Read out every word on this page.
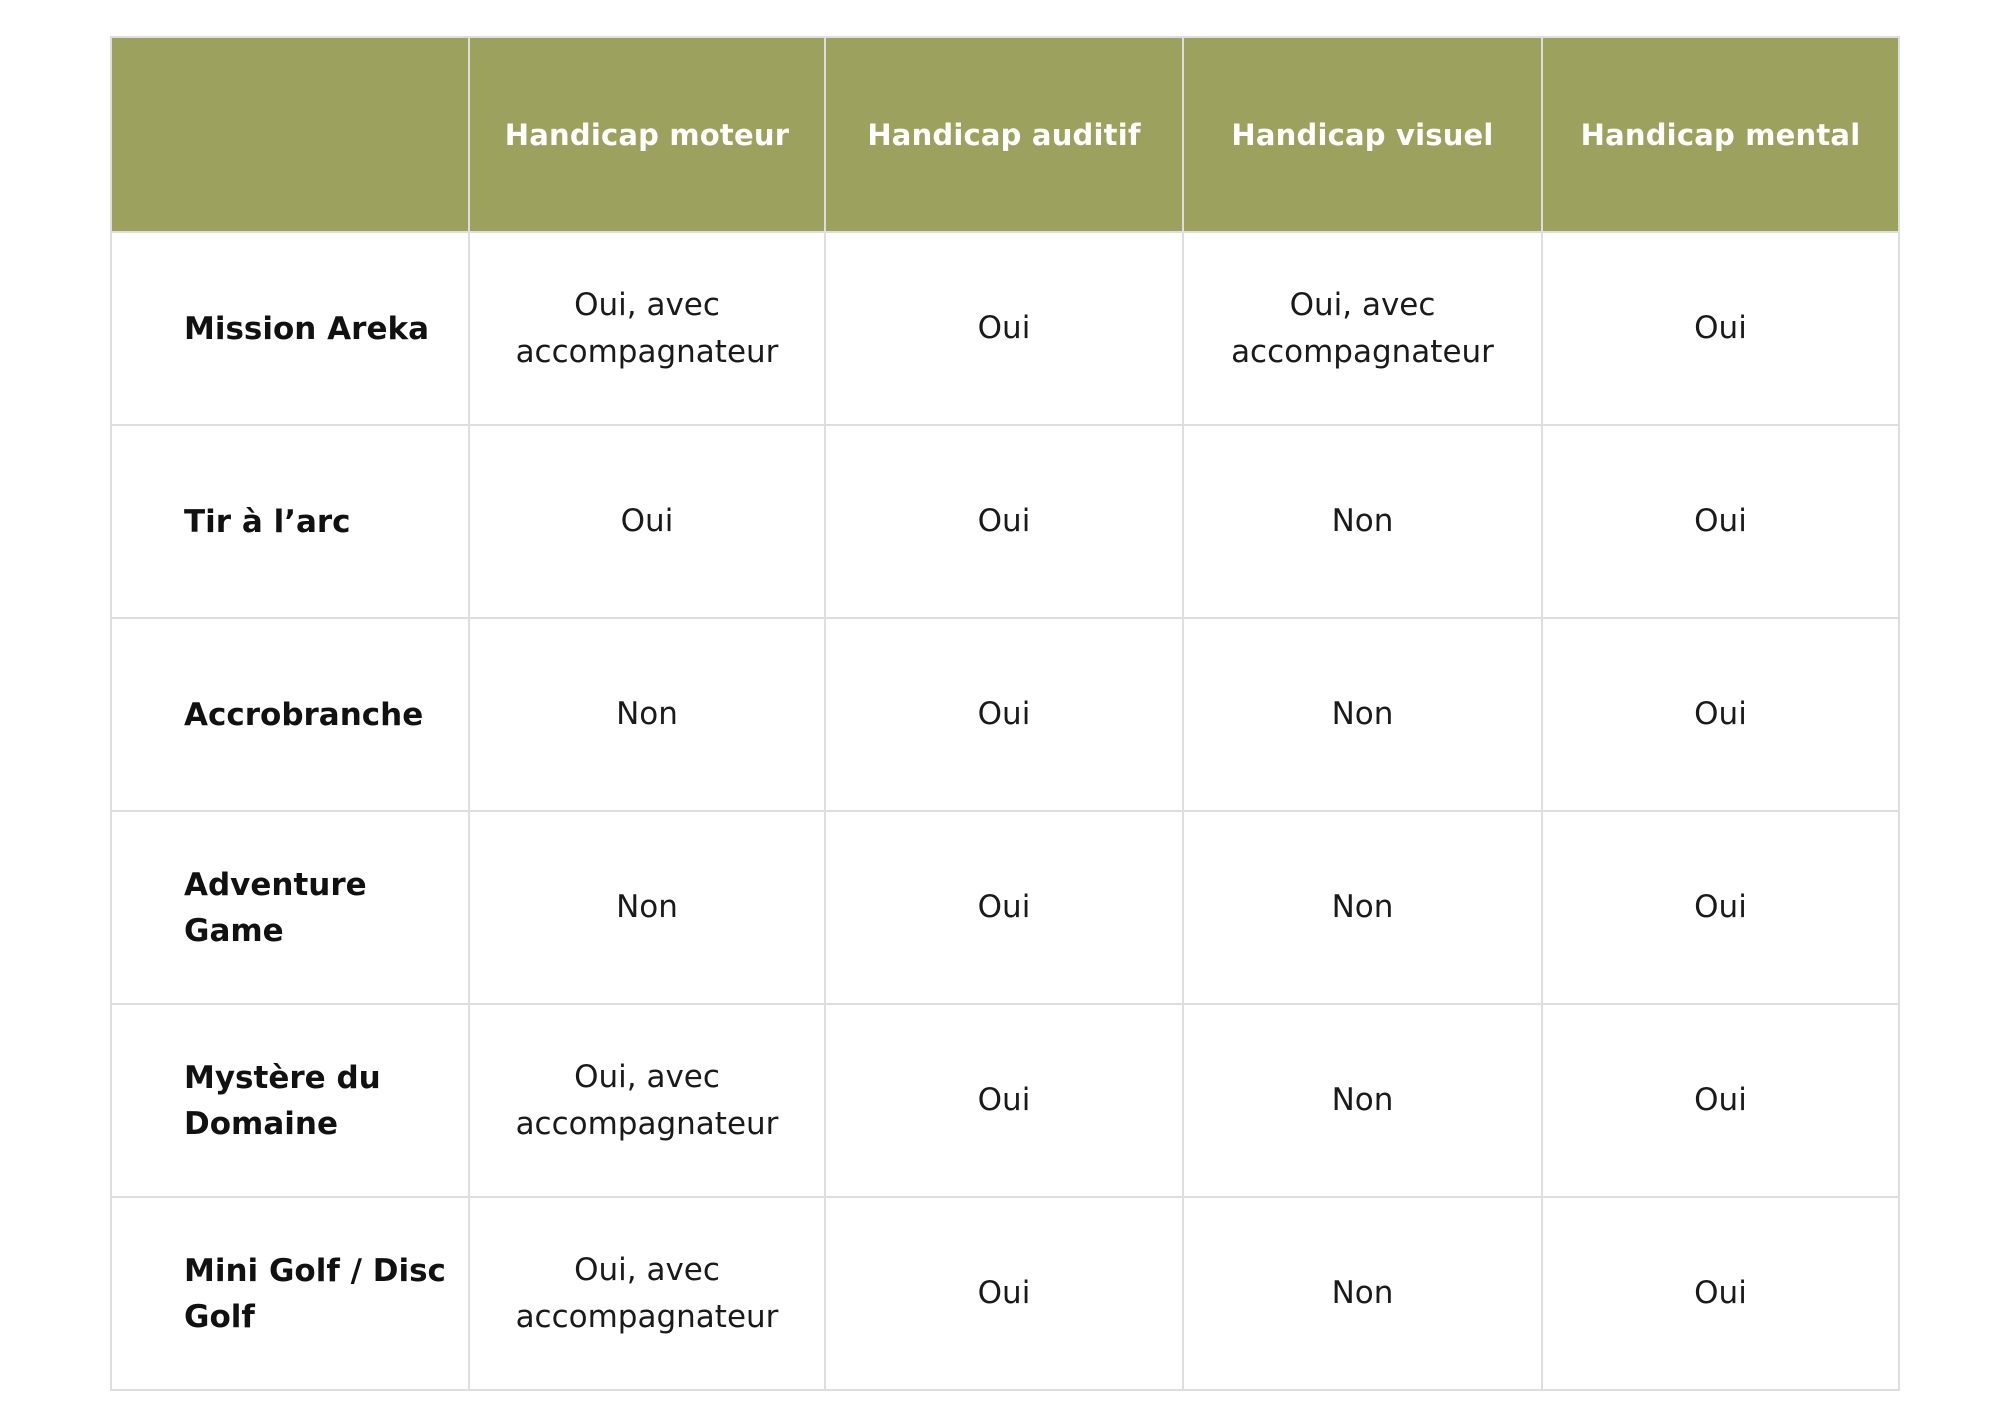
	Handicap moteur	Handicap auditif	Handicap visuel	Handicap mental
Mission Areka	Oui, avec accompagnateur	Oui	Oui, avec accompagnateur	Oui
Tir à l’arc	Oui	Oui	Non	Oui
Accrobranche	Non	Oui	Non	Oui
Adventure Game	Non	Oui	Non	Oui
Mystère du Domaine	Oui, avec accompagnateur	Oui	Non	Oui
Mini Golf / Disc Golf	Oui, avec accompagnateur	Oui	Non	Oui
